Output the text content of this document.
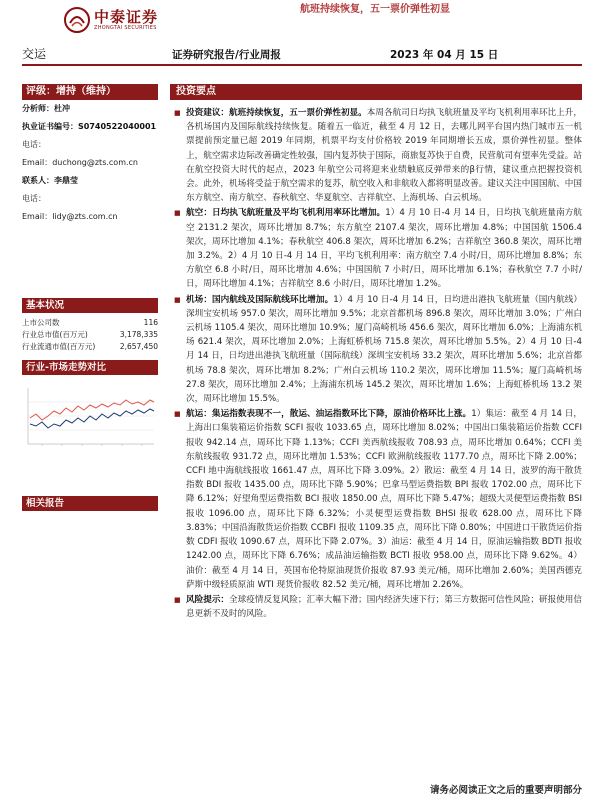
中泰证券
ZHONGTAI SECURITIES
航班持续恢复，五一票价弹性初显
交运	证券研究报告/行业周报	2023 年 04 月 15 日
评级：增持（维持）
分析师：杜冲
执业证书编号：S0740522040001
电话：
Email：duchong@zts.com.cn
联系人：李鼎莹
电话：
Email：lidy@zts.com.cn
基本状况
上市公司数	116
行业总市值(百万元)	3,178,335
行业流通市值(百万元)	2,657,450
行业-市场走势对比
相关报告
投资要点
■ 投资建议：航班持续恢复，五一票价弹性初显。本周各航司日均执飞航班量及平均飞机利用率环比上升，各机场国内及国际航线持续恢复。随着五一临近，截至 4 月 12 日，去哪儿网平台国内热门城市五一机票提前预定量已超 2019 年同期，机票平均支付价格较 2019 年同期增长五成，票价弹性初显。整体上，航空需求边际改善确定性较强，国内复苏快于国际，商旅复苏快于自费，民营航司有望率先受益。站在航空投资大时代的起点，2023 年航空公司将迎来业绩触底反弹带来的β行情，建议重点把握投资机会。此外，机场将受益于航空需求的复苏，航空收入和非航收入都将明显改善。建议关注中国国航、中国东方航空、南方航空、春秋航空、华夏航空、吉祥航空、上海机场、白云机场。
■ 航空：日均执飞航班量及平均飞机利用率环比增加。1）4 月 10 日-4 月 14 日，日均执飞航班量南方航空 2131.2 架次，周环比增加 8.7%；东方航空 2107.4 架次，周环比增加 4.8%；中国国航 1506.4 架次，周环比增加 4.1%；春秋航空 406.8 架次，周环比增加 6.2%；吉祥航空 360.8 架次，周环比增加 3.2%。2）4 月 10 日-4 月 14 日，平均飞机利用率：南方航空 7.4 小时/日，周环比增加 8.8%；东方航空 6.8 小时/日，周环比增加 4.6%；中国国航 7 小时/日，周环比增加 6.1%；春秋航空 7.7 小时/日，周环比增加 4.1%；吉祥航空 8.6 小时/日，周环比增加 1.2%。
■ 机场：国内航线及国际航线环比增加。1）4 月 10 日-4 月 14 日，日均进出港执飞航班量（国内航线）深圳宝安机场 957.0 架次，周环比增加 9.5%；北京首都机场 896.8 架次，周环比增加 3.0%；广州白云机场 1105.4 架次，周环比增加 10.9%；厦门高崎机场 456.6 架次，周环比增加 6.0%；上海浦东机场 621.4 架次，周环比增加 2.0%；上海虹桥机场 715.8 架次，周环比增加 5.5%。2）4 月 10 日-4 月 14 日，日均进出港执飞航班量（国际航线）深圳宝安机场 33.2 架次，周环比增加 5.6%；北京首都机场 78.8 架次，周环比增加 8.2%；广州白云机场 110.2 架次，周环比增加 11.5%；厦门高崎机场 27.8 架次，周环比增加 2.4%；上海浦东机场 145.2 架次，周环比增加 1.6%；上海虹桥机场 13.2 架次，周环比增加 15.5%。
■ 航运：集运指数表现不一，散运、油运指数环比下降，原油价格环比上涨。1）集运：截至 4 月 14 日，上海出口集装箱运价指数 SCFI 报收 1033.65 点，周环比增加 8.02%；中国出口集装箱运价指数 CCFI 报收 942.14 点，周环比下降 1.13%；CCFI 美西航线报收 708.93 点，周环比增加 0.64%；CCFI 美东航线报收 931.72 点，周环比增加 1.53%；CCFI 欧洲航线报收 1177.70 点，周环比下降 2.00%；CCFI 地中海航线报收 1661.47 点，周环比下降 3.09%。2）散运：截至 4 月 14 日，波罗的海干散货指数 BDI 报收 1435.00 点，周环比下降 5.90%；巴拿马型运费指数 BPI 报收 1702.00 点，周环比下降 6.12%；好望角型运费指数 BCI 报收 1850.00 点，周环比下降 5.47%；超级大灵便型运费指数 BSI 报收 1096.00 点，周环比下降 6.32%；小灵便型运费指数 BHSI 报收 628.00 点，周环比下降 3.83%；中国沿海散货运价指数 CCBFI 报收 1109.35 点，周环比下降 0.80%；中国进口干散货运价指数 CDFI 报收 1090.67 点，周环比下降 2.07%。3）油运：截至 4 月 14 日，原油运输指数 BDTI 报收 1242.00 点，周环比下降 6.76%；成品油运输指数 BCTI 报收 958.00 点，周环比下降 9.62%。4）油价：截至 4 月 14 日，英国布伦特原油现货价报收 87.93 美元/桶，周环比增加 2.60%；美国西德克萨斯中级轻质原油 WTI 现货价报收 82.52 美元/桶，周环比增加 2.26%。
■ 风险提示：全球疫情反复风险；汇率大幅下滑；国内经济失速下行；第三方数据可信性风险；研报使用信息更新不及时的风险。
请务必阅读正文之后的重要声明部分
